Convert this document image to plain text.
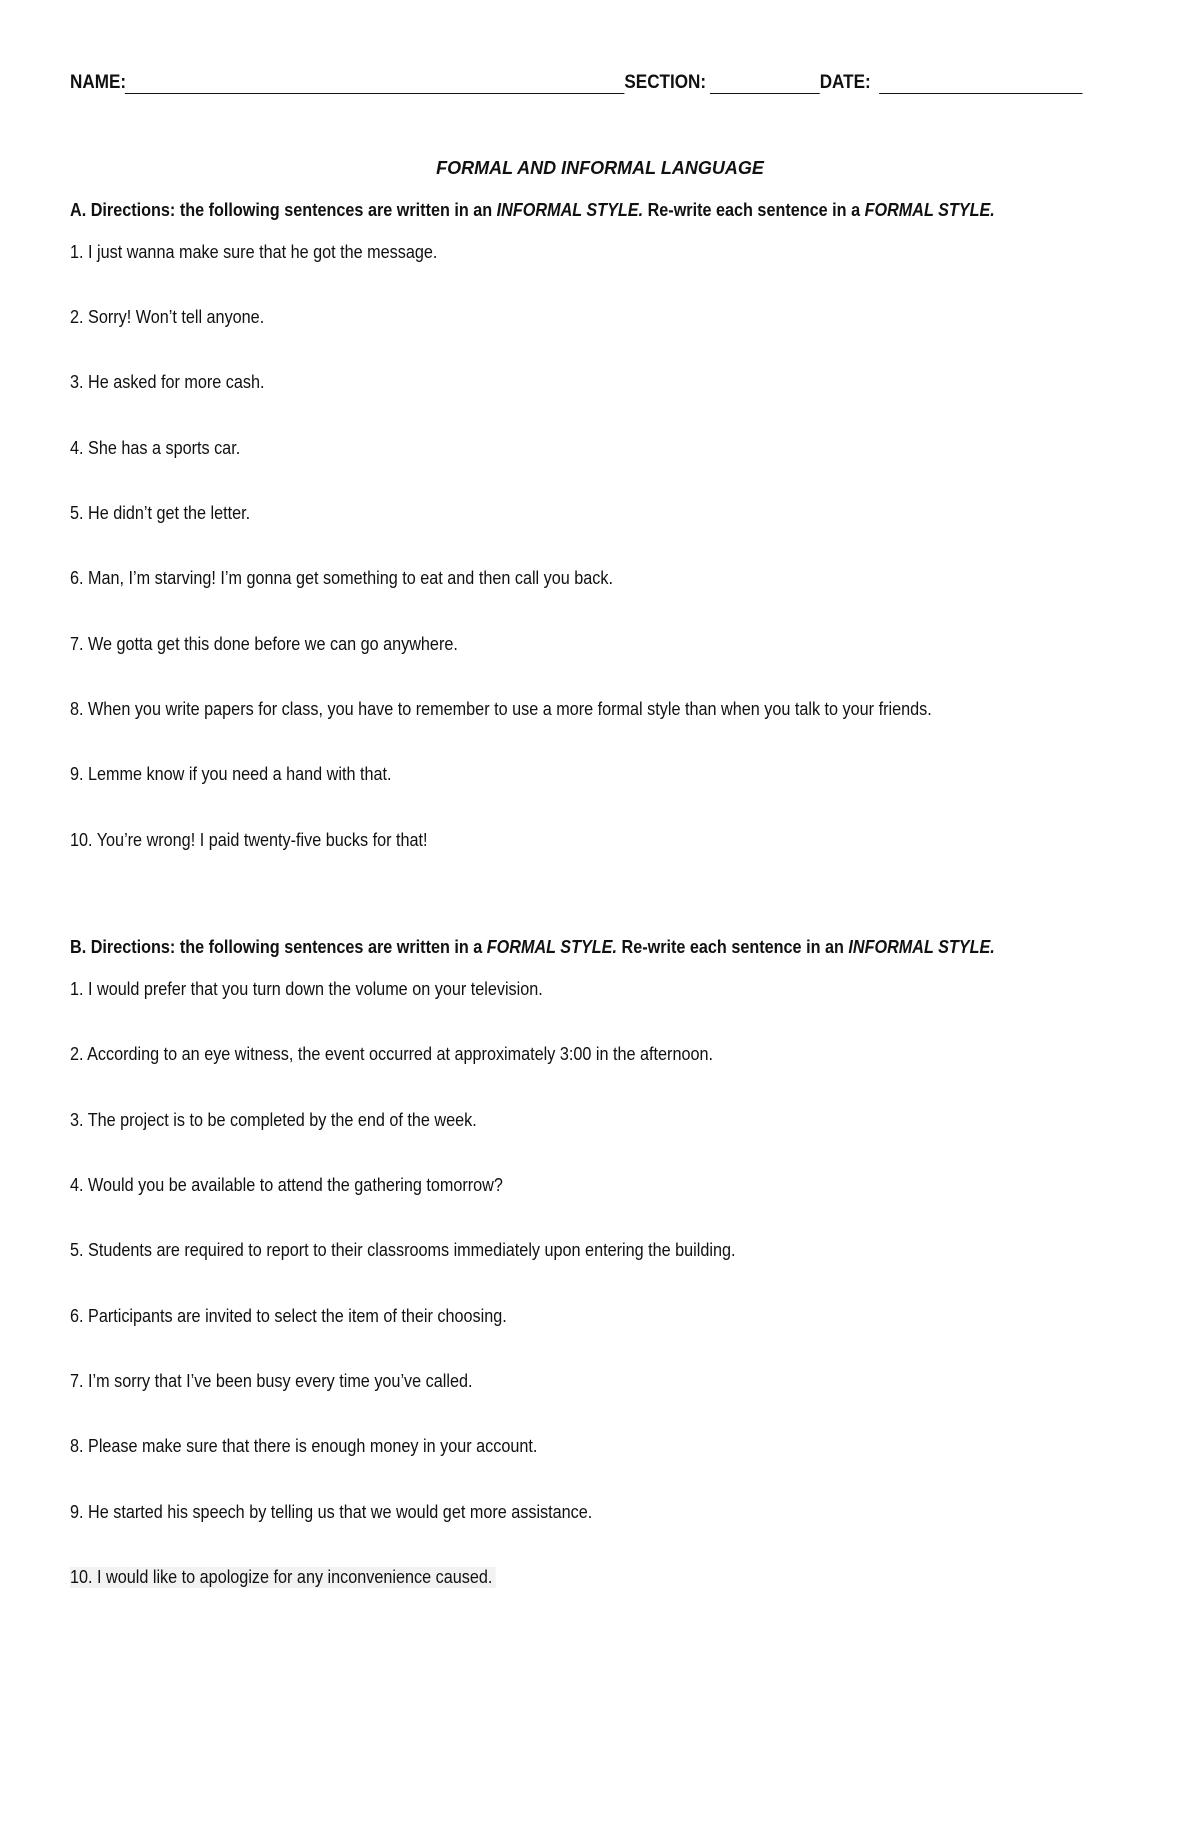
NAME:	SECTION:	DATE:
FORMAL AND INFORMAL LANGUAGE
A. Directions: the following sentences are written in an INFORMAL STYLE. Re-write each sentence in a FORMAL STYLE.
1. I just wanna make sure that he got the message.
2. Sorry! Won’t tell anyone.
3. He asked for more cash.
4. She has a sports car.
5. He didn’t get the letter.
6. Man, I’m starving! I’m gonna get something to eat and then call you back.
7. We gotta get this done before we can go anywhere.
8. When you write papers for class, you have to remember to use a more formal style than when you talk to your friends.
9. Lemme know if you need a hand with that.
10. You’re wrong! I paid twenty-five bucks for that!
B. Directions: the following sentences are written in a FORMAL STYLE. Re-write each sentence in an INFORMAL STYLE.
1. I would prefer that you turn down the volume on your television.
2. According to an eye witness, the event occurred at approximately 3:00 in the afternoon.
3. The project is to be completed by the end of the week.
4. Would you be available to attend the gathering tomorrow?
5. Students are required to report to their classrooms immediately upon entering the building.
6. Participants are invited to select the item of their choosing.
7. I’m sorry that I’ve been busy every time you’ve called.
8. Please make sure that there is enough money in your account.
9. He started his speech by telling us that we would get more assistance.
10. I would like to apologize for any inconvenience caused.
